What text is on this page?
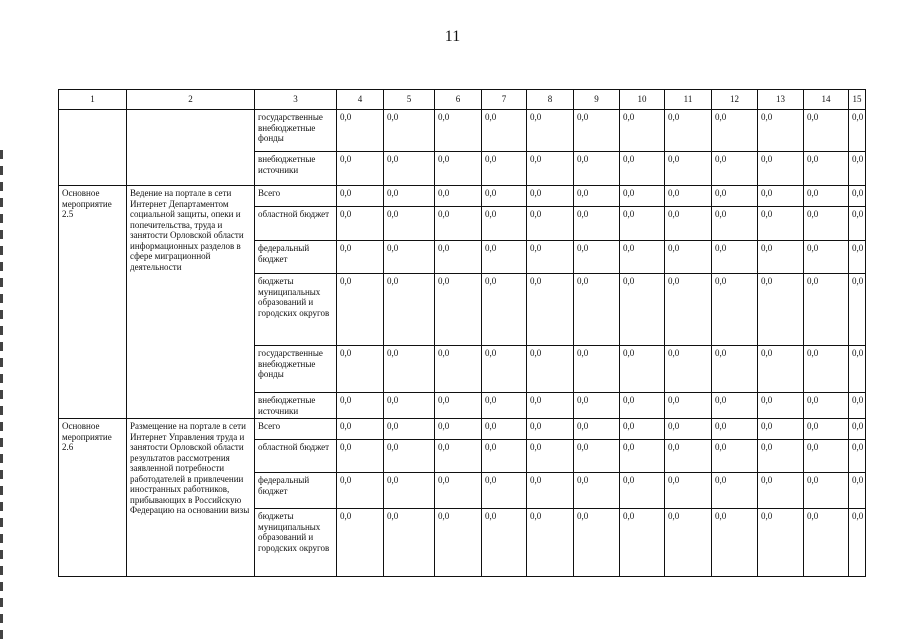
11
1	2	3	4	5	6	7	8	9	10	11	12	13	14	15
		государственные внебюджетные фонды	0,0	0,0	0,0	0,0	0,0	0,0	0,0	0,0	0,0	0,0	0,0	0,0
		внебюджетные источники	0,0	0,0	0,0	0,0	0,0	0,0	0,0	0,0	0,0	0,0	0,0	0,0
Основное мероприятие 2.5	Ведение на портале в сети Интернет Департаментом социальной защиты, опеки и попечительства, труда и занятости Орловской области информационных разделов в сфере миграционной деятельности	Всего	0,0	0,0	0,0	0,0	0,0	0,0	0,0	0,0	0,0	0,0	0,0	0,0
		областной бюджет	0,0	0,0	0,0	0,0	0,0	0,0	0,0	0,0	0,0	0,0	0,0	0,0
		федеральный бюджет	0,0	0,0	0,0	0,0	0,0	0,0	0,0	0,0	0,0	0,0	0,0	0,0
		бюджеты муниципальных образований и городских округов	0,0	0,0	0,0	0,0	0,0	0,0	0,0	0,0	0,0	0,0	0,0	0,0
		государственные внебюджетные фонды	0,0	0,0	0,0	0,0	0,0	0,0	0,0	0,0	0,0	0,0	0,0	0,0
		внебюджетные источники	0,0	0,0	0,0	0,0	0,0	0,0	0,0	0,0	0,0	0,0	0,0	0,0
Основное мероприятие 2.6	Размещение на портале в сети Интернет Управления труда и занятости Орловской области результатов рассмотрения заявленной потребности работодателей в привлечении иностранных работников, прибывающих в Российскую Федерацию на основании визы	Всего	0,0	0,0	0,0	0,0	0,0	0,0	0,0	0,0	0,0	0,0	0,0	0,0
		областной бюджет	0,0	0,0	0,0	0,0	0,0	0,0	0,0	0,0	0,0	0,0	0,0	0,0
		федеральный бюджет	0,0	0,0	0,0	0,0	0,0	0,0	0,0	0,0	0,0	0,0	0,0	0,0
		бюджеты муниципальных образований и городских округов	0,0	0,0	0,0	0,0	0,0	0,0	0,0	0,0	0,0	0,0	0,0	0,0
